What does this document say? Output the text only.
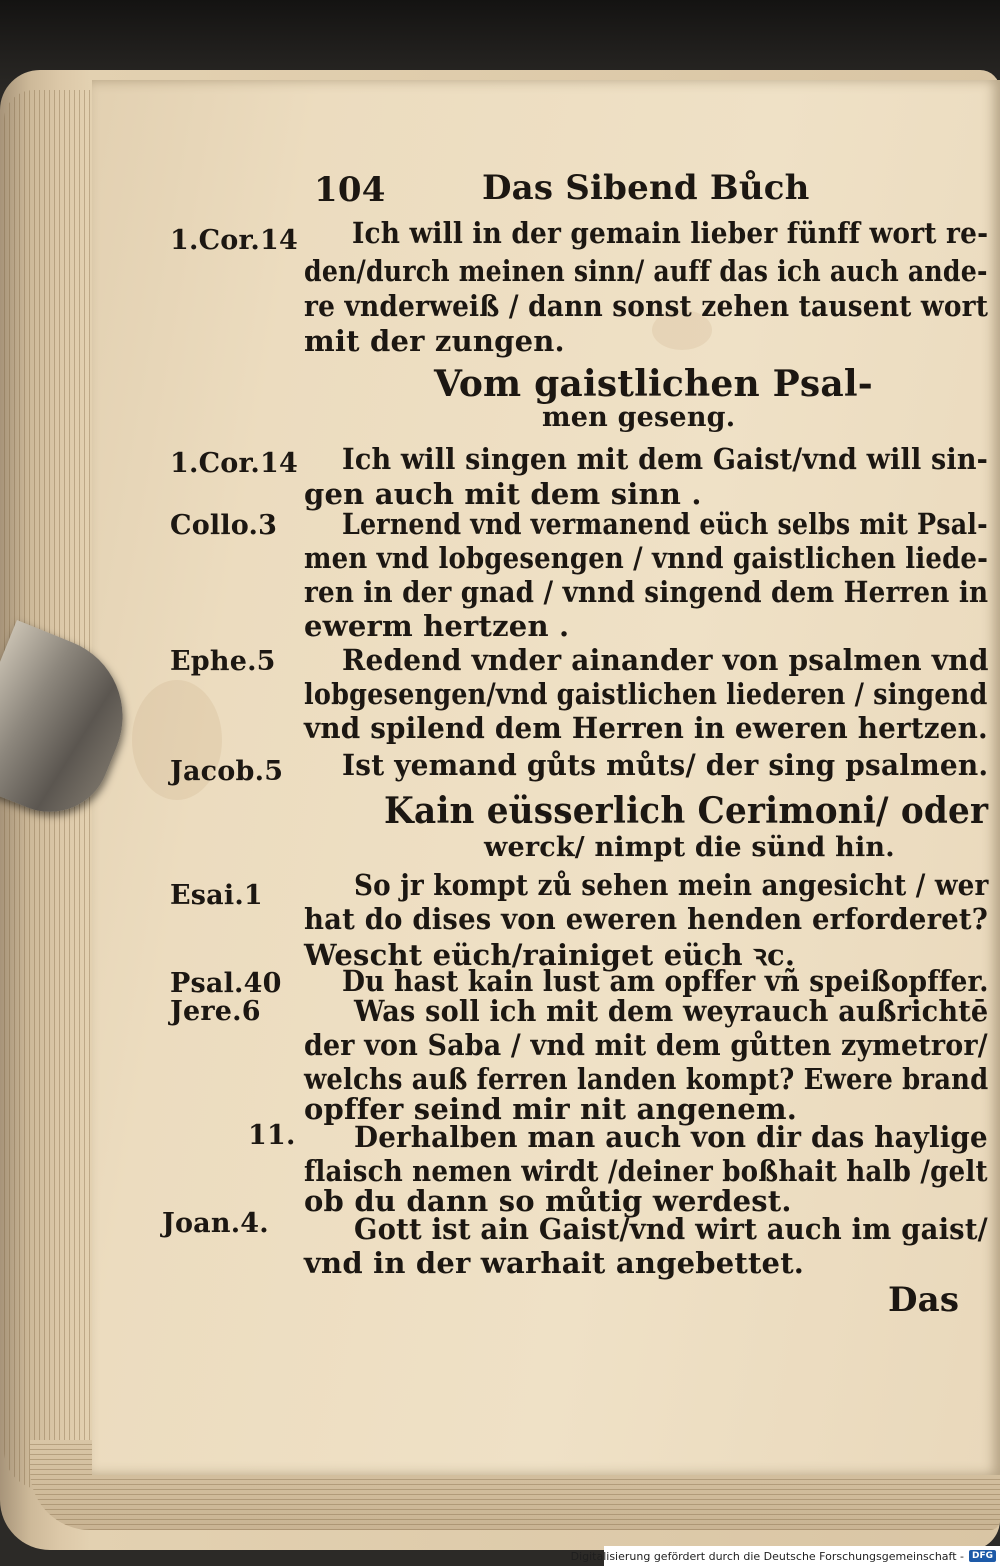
104	Das Sibend Bůch
1.Cor.14
1.Cor.14
Collo.3
Ephe.5
Jacob.5
Esai.1
Psal.40
Jere.6
11.
Joan.4.
Ich will in der gemain lieber fünff wort re-
den/durch meinen sinn/ auff das ich auch ande-
re vnderweiß / dann sonst zehen tausent wort
mit der zungen.
Vom gaistlichen Psal-
men geseng.
Ich will singen mit dem Gaist/vnd will sin-
gen auch mit dem sinn .
Lernend vnd vermanend eüch selbs mit Psal-
men vnd lobgesengen / vnnd gaistlichen liede-
ren in der gnad / vnnd singend dem Herren in
ewerm hertzen .
Redend vnder ainander von psalmen vnd
lobgesengen/vnd gaistlichen liederen / singend
vnd spilend dem Herren in eweren hertzen.
Ist yemand gůts můts/ der sing psalmen.
Kain eüsserlich Cerimoni/ oder
werck/ nimpt die sünd hin.
So jr kompt zů sehen mein angesicht / wer
hat do dises von eweren henden erforderet?
Wescht eüch/rainiget eüch ꝛc.
Du hast kain lust am opffer vñ speißopffer.
Was soll ich mit dem weyrauch außrichtē
der von Saba / vnd mit dem gůtten zymetror/
welchs auß ferren landen kompt? Ewere brand
opffer seind mir nit angenem.
Derhalben man auch von dir das haylige
flaisch nemen wirdt /deiner boßhait halb /gelt
ob du dann so můtig werdest.
Gott ist ain Gaist/vnd wirt auch im gaist/
vnd in der warhait angebettet.
Das
Digitalisierung gefördert durch die Deutsche Forschungsgemeinschaft - DFG
